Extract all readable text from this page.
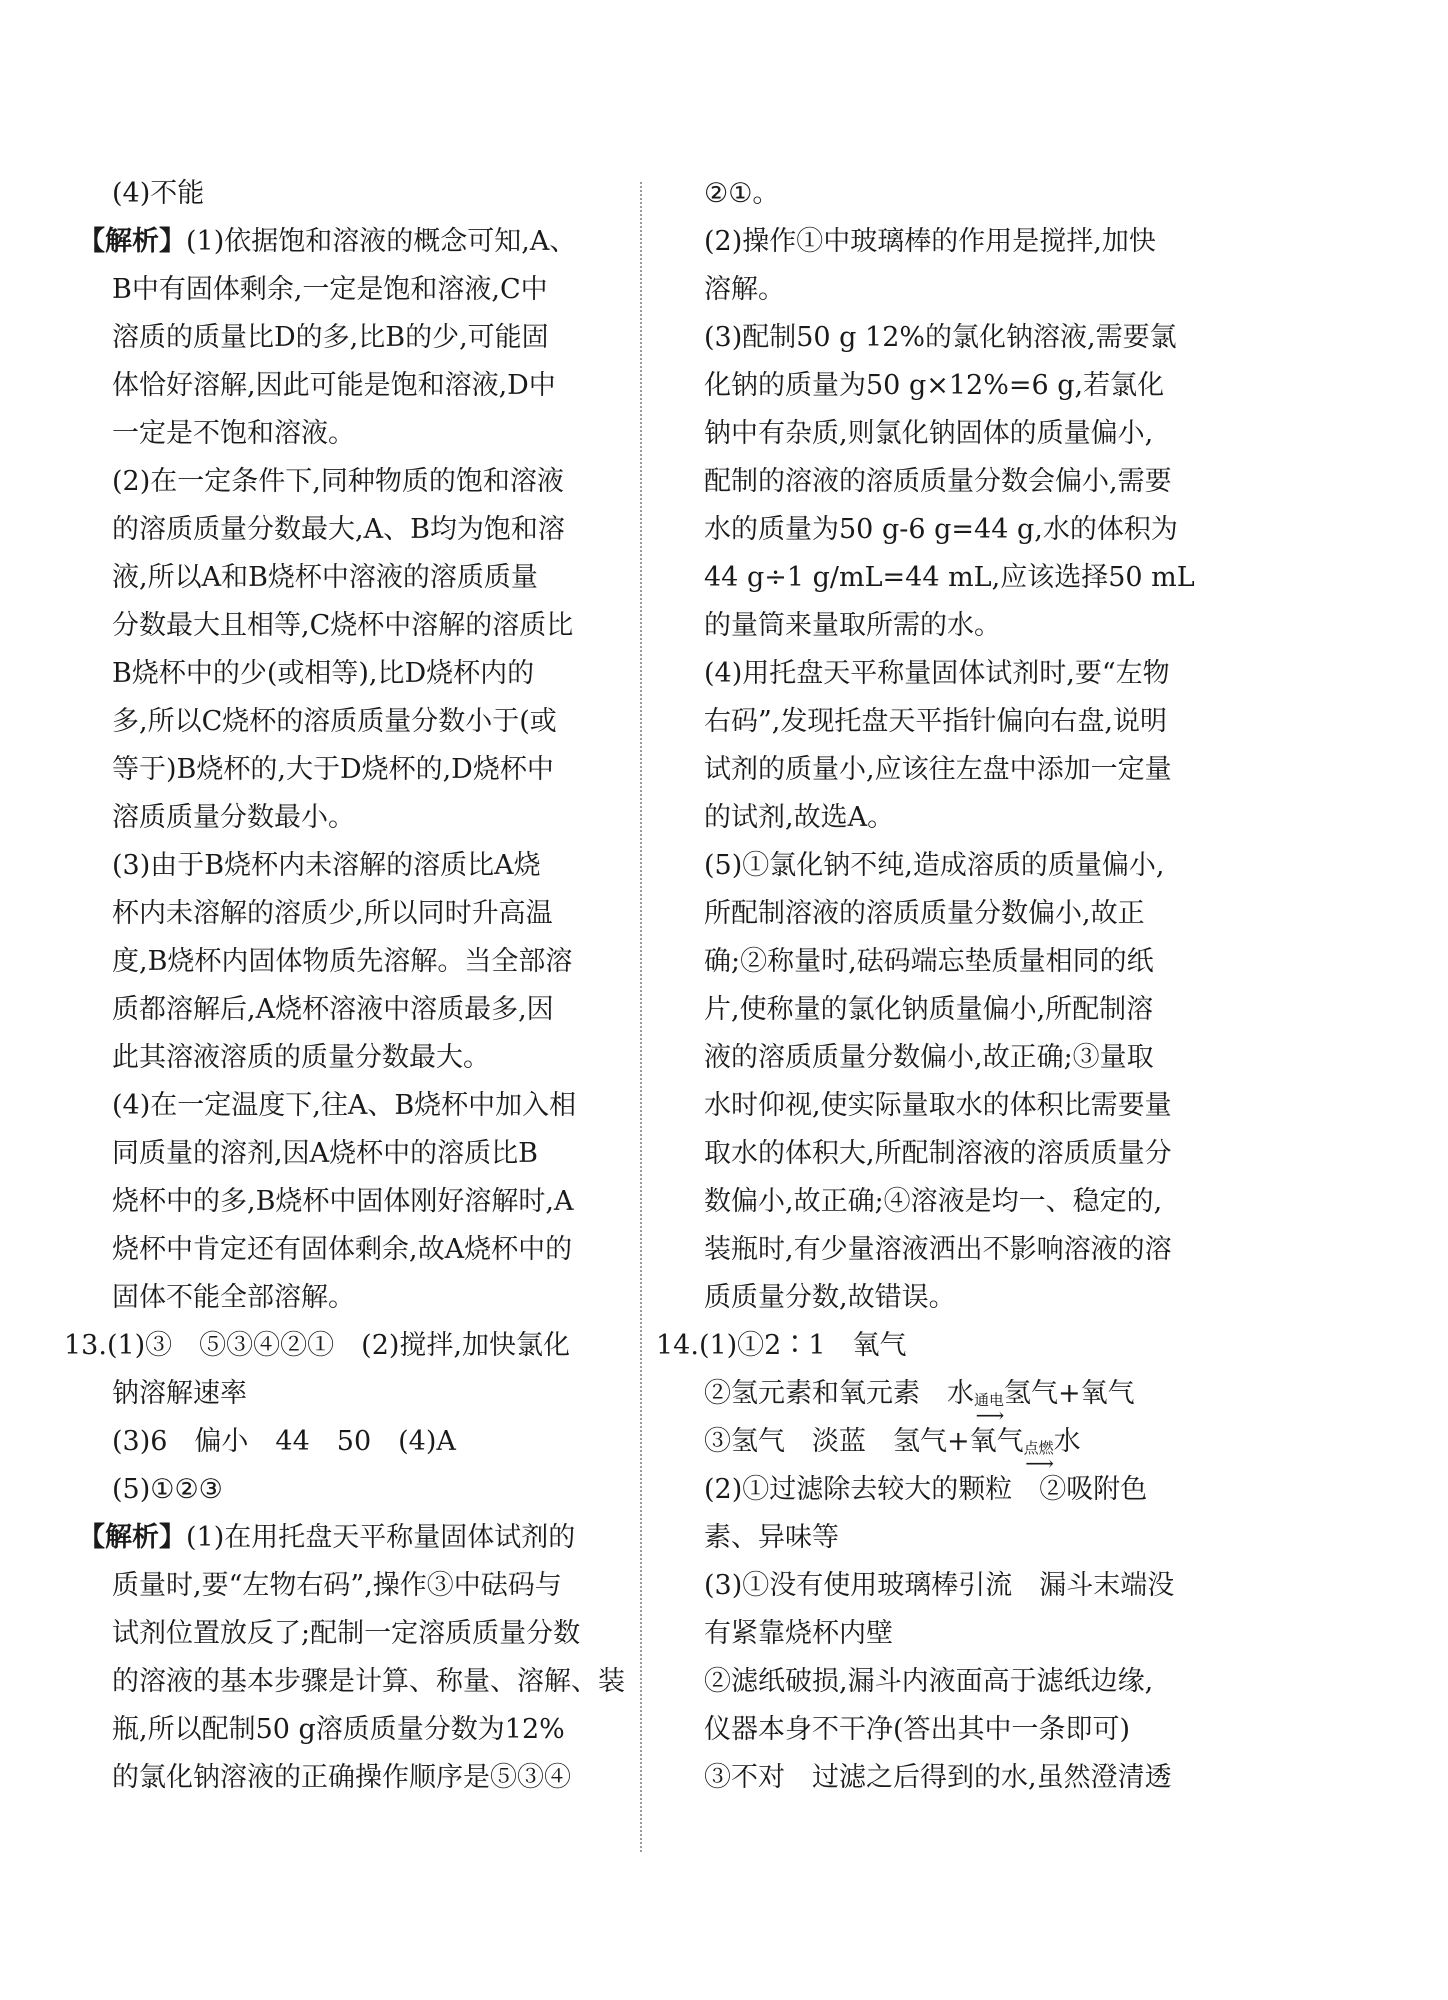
(4)不能
【解析】(1)依据饱和溶液的概念可知,A、
B中有固体剩余,一定是饱和溶液,C中
溶质的质量比D的多,比B的少,可能固
体恰好溶解,因此可能是饱和溶液,D中
一定是不饱和溶液。
(2)在一定条件下,同种物质的饱和溶液
的溶质质量分数最大,A、B均为饱和溶
液,所以A和B烧杯中溶液的溶质质量
分数最大且相等,C烧杯中溶解的溶质比
B烧杯中的少(或相等),比D烧杯内的
多,所以C烧杯的溶质质量分数小于(或
等于)B烧杯的,大于D烧杯的,D烧杯中
溶质质量分数最小。
(3)由于B烧杯内未溶解的溶质比A烧
杯内未溶解的溶质少,所以同时升高温
度,B烧杯内固体物质先溶解。当全部溶
质都溶解后,A烧杯溶液中溶质最多,因
此其溶液溶质的质量分数最大。
(4)在一定温度下,往A、B烧杯中加入相
同质量的溶剂,因A烧杯中的溶质比B
烧杯中的多,B烧杯中固体刚好溶解时,A
烧杯中肯定还有固体剩余,故A烧杯中的
固体不能全部溶解。
13.(1)③　⑤③④②①　(2)搅拌,加快氯化
钠溶解速率
(3)6　偏小　44　50　(4)A
(5)①②③
【解析】(1)在用托盘天平称量固体试剂的
质量时,要“左物右码”,操作③中砝码与
试剂位置放反了;配制一定溶质质量分数
的溶液的基本步骤是计算、称量、溶解、装
瓶,所以配制50 g溶质质量分数为12%
的氯化钠溶液的正确操作顺序是⑤③④
②①。
(2)操作①中玻璃棒的作用是搅拌,加快
溶解。
(3)配制50 g 12%的氯化钠溶液,需要氯
化钠的质量为50 g×12%=6 g,若氯化
钠中有杂质,则氯化钠固体的质量偏小,
配制的溶液的溶质质量分数会偏小,需要
水的质量为50 g-6 g=44 g,水的体积为
44 g÷1 g/mL=44 mL,应该选择50 mL
的量筒来量取所需的水。
(4)用托盘天平称量固体试剂时,要“左物
右码”,发现托盘天平指针偏向右盘,说明
试剂的质量小,应该往左盘中添加一定量
的试剂,故选A。
(5)①氯化钠不纯,造成溶质的质量偏小,
所配制溶液的溶质质量分数偏小,故正
确;②称量时,砝码端忘垫质量相同的纸
片,使称量的氯化钠质量偏小,所配制溶
液的溶质质量分数偏小,故正确;③量取
水时仰视,使实际量取水的体积比需要量
取水的体积大,所配制溶液的溶质质量分
数偏小,故正确;④溶液是均一、稳定的,
装瓶时,有少量溶液洒出不影响溶液的溶
质质量分数,故错误。
14.(1)①2∶1　氧气
②氢元素和氧元素　水 通电
⟶
氢气+氧气
③氢气　淡蓝　氢气+氧气 点燃
⟶
水
(2)①过滤除去较大的颗粒　②吸附色
素、异味等
(3)①没有使用玻璃棒引流　漏斗末端没
有紧靠烧杯内壁
②滤纸破损,漏斗内液面高于滤纸边缘,
仪器本身不干净(答出其中一条即可)
③不对　过滤之后得到的水,虽然澄清透
